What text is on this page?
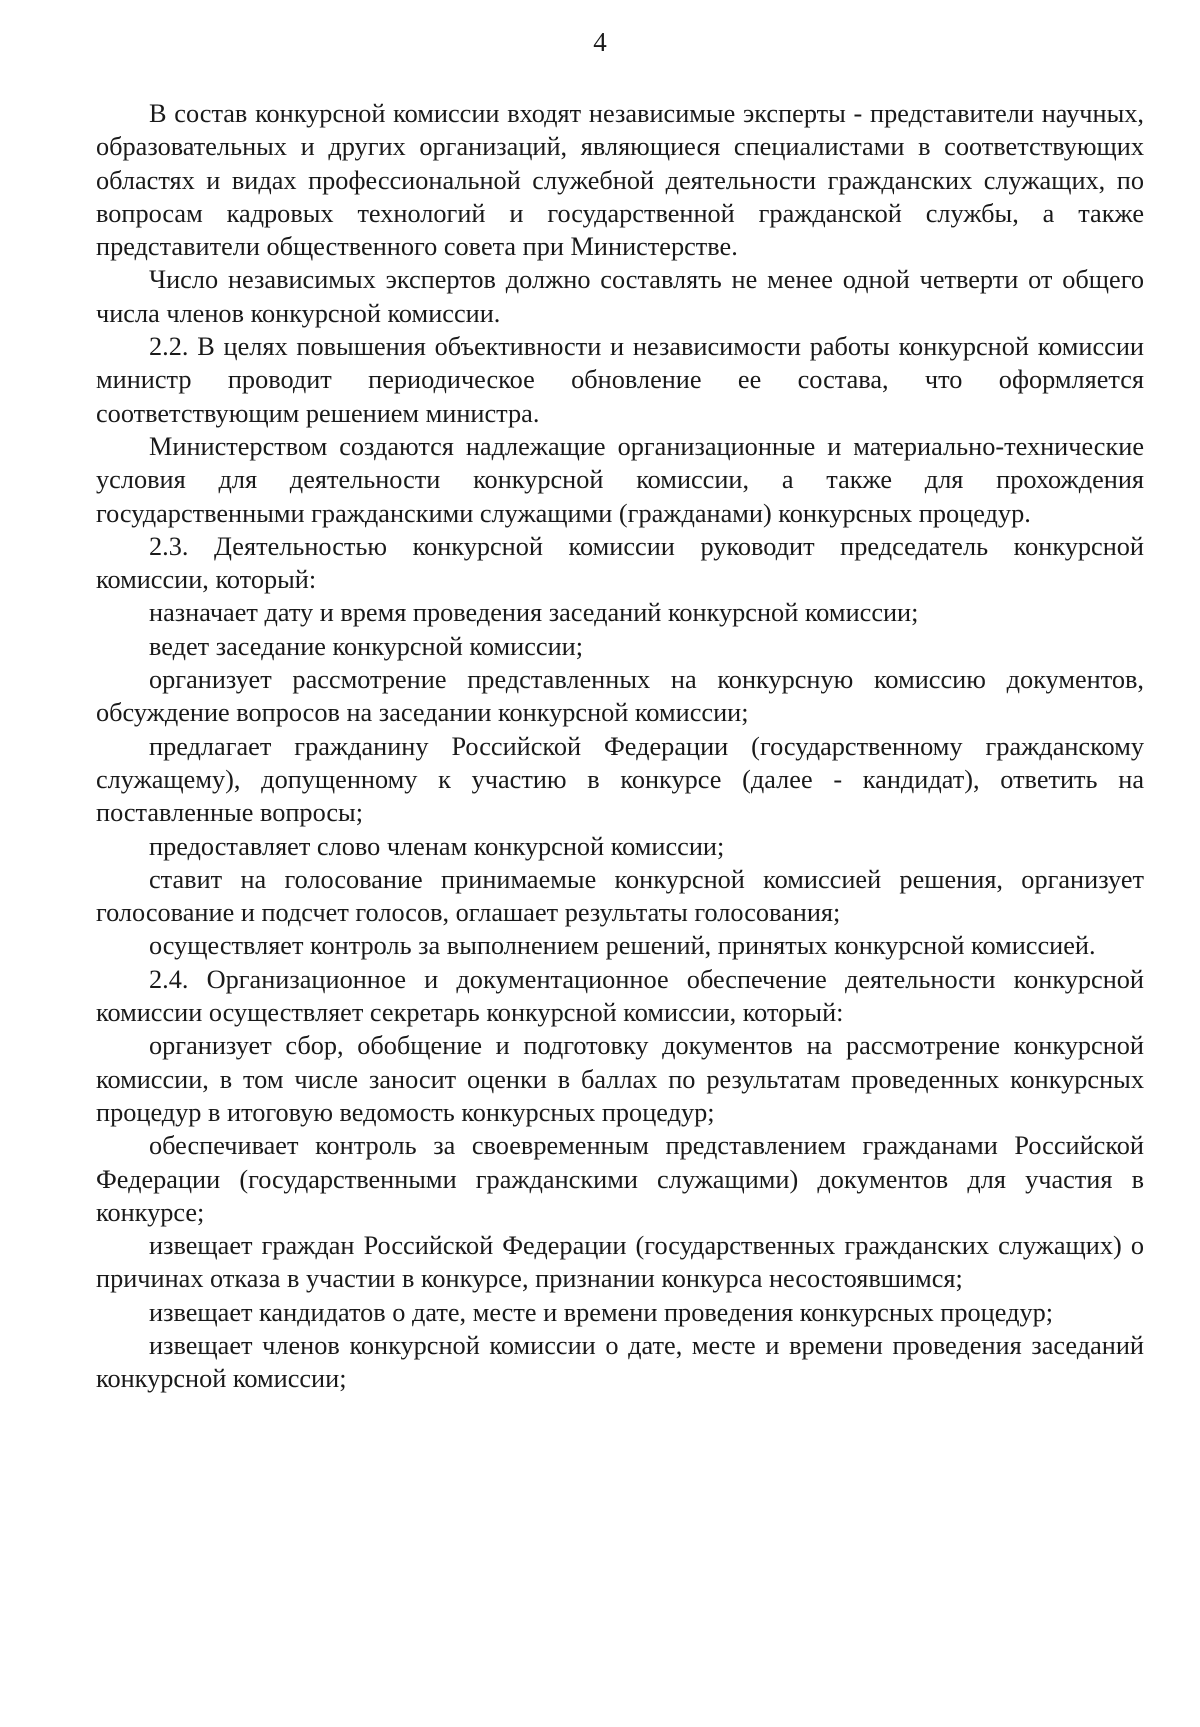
4

В состав конкурсной комиссии входят независимые эксперты - представители научных, образовательных и других организаций, являющиеся специалистами в соответствующих областях и видах профессиональной служебной деятельности гражданских служащих, по вопросам кадровых технологий и государственной гражданской службы, а также представители общественного совета при Министерстве.

Число независимых экспертов должно составлять не менее одной четверти от общего числа членов конкурсной комиссии.

2.2. В целях повышения объективности и независимости работы конкурсной комиссии министр проводит периодическое обновление ее состава, что оформляется соответствующим решением министра.

Министерством создаются надлежащие организационные и материально-технические условия для деятельности конкурсной комиссии, а также для прохождения государственными гражданскими служащими (гражданами) конкурсных процедур.

2.3. Деятельностью конкурсной комиссии руководит председатель конкурсной комиссии, который:

назначает дату и время проведения заседаний конкурсной комиссии;

ведет заседание конкурсной комиссии;

организует рассмотрение представленных на конкурсную комиссию документов, обсуждение вопросов на заседании конкурсной комиссии;

предлагает гражданину Российской Федерации (государственному гражданскому служащему), допущенному к участию в конкурсе (далее - кандидат), ответить на поставленные вопросы;

предоставляет слово членам конкурсной комиссии;

ставит на голосование принимаемые конкурсной комиссией решения, организует голосование и подсчет голосов, оглашает результаты голосования;

осуществляет контроль за выполнением решений, принятых конкурсной комиссией.

2.4. Организационное и документационное обеспечение деятельности конкурсной комиссии осуществляет секретарь конкурсной комиссии, который:

организует сбор, обобщение и подготовку документов на рассмотрение конкурсной комиссии, в том числе заносит оценки в баллах по результатам проведенных конкурсных процедур в итоговую ведомость конкурсных процедур;

обеспечивает контроль за своевременным представлением гражданами Российской Федерации (государственными гражданскими служащими) документов для участия в конкурсе;

извещает граждан Российской Федерации (государственных гражданских служащих) о причинах отказа в участии в конкурсе, признании конкурса несостоявшимся;

извещает кандидатов о дате, месте и времени проведения конкурсных процедур;

извещает членов конкурсной комиссии о дате, месте и времени проведения заседаний конкурсной комиссии;
